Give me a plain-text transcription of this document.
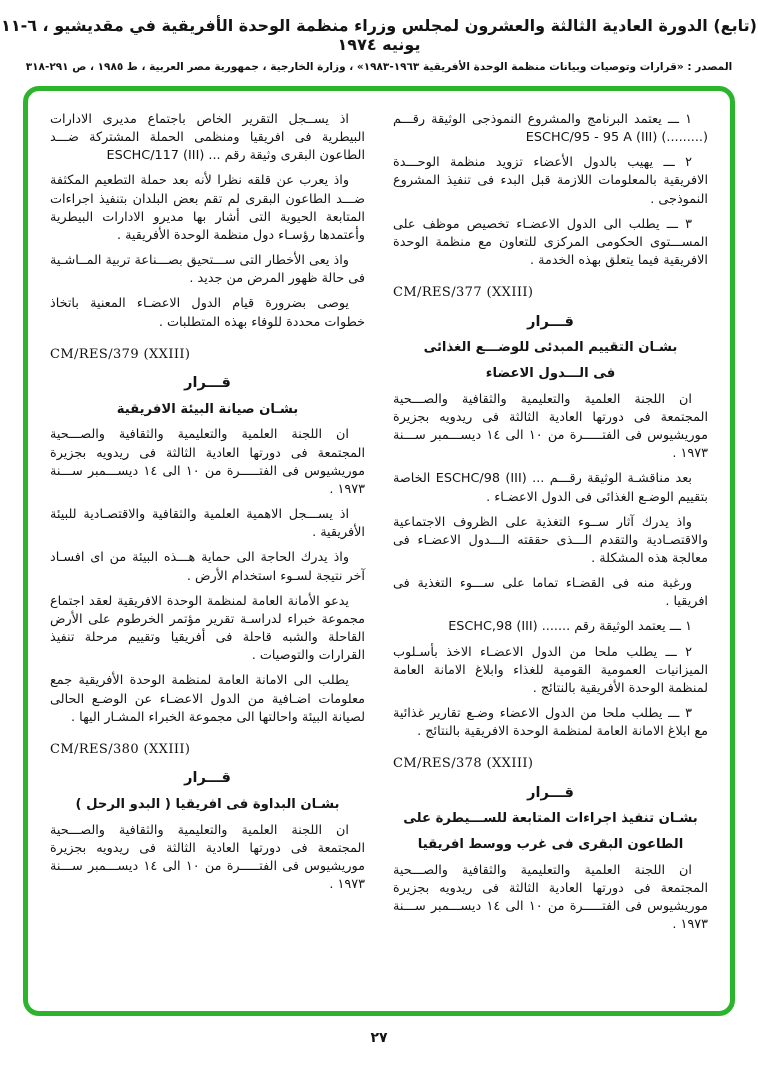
(تابع) الدورة العادية الثالثة والعشرون لمجلس وزراء منظمة الوحدة الأفريقية في مقديشيو ، ٦-١١ يونيه ١٩٧٤
المصدر : «قرارات وتوصيات وبيانات منظمة الوحدة الأفريقية ١٩٦٣-١٩٨٣» ، وزارة الخارجية ، جمهورية مصر العربية ، ط ١٩٨٥ ، ص ٢٩١-٣١٨

١ ـــ يعتمد البرنامج والمشروع النموذجى الوثيقة رقـــم (.........) ESCHC/95 - 95 A (III)

٢ ـــ يهيب بالدول الأعضاء تزويد منظمة الوحـــدة الافريقية بالمعلومات اللازمة قبل البدء فى تنفيذ المشروع النموذجى .

٣ ـــ يطلب الى الدول الاعضـاء تخصيص موظف على المســـتوى الحكومى المركزى للتعاون مع منظمة الوحدة الافريقية فيما يتعلق بهذه الخدمة .

CM/RES/377 (XXIII)

قـــرار

بشـان التقييم المبدئى للوضـــع الغذائى

فى الـــدول الاعضاء

ان اللجنة العلمية والتعليمية والثقافية والصـــحية المجتمعة فى دورتها العادية الثالثة فى ريدويه بجزيرة موريشيوس فى الفتـــــرة من ١٠ الى ١٤ ديســـمبر ســـنة ١٩٧٣ .

بعد مناقشـة الوثيقة رقـــم ... ESCHC/98 (III) الخاصة بتقييم الوضـع الغذائى فى الدول الاعضـاء .

واذ يدرك آثار ســوء التغذية على الظروف الاجتماعية والاقتصـادية والتقدم الـــذى حققته الـــدول الاعضـاء فى معالجة هذه المشكلة .

ورغبة منه فى القضـاء تماما على ســـوء التغذية فى افريقيا .

١ ـــ يعتمد الوثيقة رقم ....... ESCHC,98 (III)

٢ ـــ يطلب ملحا من الدول الاعضـاء الاخذ بأسـلوب الميزانيات العمومية القومية للغذاء وابلاغ الامانة العامة لمنظمة الوحدة الأفريقية بالنتائج .

٣ ـــ يطلب ملحا من الدول الاعضاء وضـع تقارير غذائية مع ابلاغ الامانة العامة لمنظمة الوحدة الافريقية بالنتائج .

CM/RES/378 (XXIII)

قـــرار

بشـان تنفيذ اجراءات المتابعة للســـيطرة على

الطاعون البقرى فى غرب ووسط افريقيا

ان اللجنة العلمية والتعليمية والثقافية والصـــحية المجتمعة فى دورتها العادية الثالثة فى ريدويه بجزيرة موريشيوس فى الفتـــــرة من ١٠ الى ١٤ ديســـمبر ســـنة ١٩٧٣ .

اذ يســجل التقرير الخاص باجتماع مديرى الادارات البيطرية فى افريقيا ومنظمى الحملة المشتركة ضـــد الطاعون البقرى وثيقة رقم ... ESCHC/117 (III)

واذ يعرب عن قلقه نظرا لأنه بعد حملة التطعيم المكثفة ضـــد الطاعون البقرى لم تقم بعض البلدان بتنفيذ اجراءات المتابعة الحيوية التى أشار بها مديرو الادارات البيطرية وأعتمدها رؤسـاء دول منظمة الوحدة الأفريقية .

واذ يعى الأخطار التى ســـتحيق بصـــناعة تربية المــاشـية فى حالة ظهور المرض من جديد .

يوصى بضرورة قيام الدول الاعضـاء المعنية باتخاذ خطوات محددة للوفاء بهذه المتطلبات .

CM/RES/379 (XXIII)

قـــرار

بشـان صيانة البيئة الافريقية

ان اللجنة العلمية والتعليمية والثقافية والصـــحية المجتمعة فى دورتها العادية الثالثة فى ريدويه بجزيرة موريشيوس فى الفتـــــرة من ١٠ الى ١٤ ديســـمبر ســـنة ١٩٧٣ .

اذ يســـجل الاهمية العلمية والثقافية والاقتصـادية للبيئة الأفريقية .

واذ يدرك الحاجة الى حماية هـــذه البيئة من اى افسـاد آخر نتيجة لسـوء استخدام الأرض .

يدعو الأمانة العامة لمنظمة الوحدة الافريقية لعقد اجتماع مجموعة خبراء لدراسـة تقرير مؤتمر الخرطوم على الأرض القاحلة والشبه قاحلة فى أفريقيا وتقييم مرحلة تنفيذ القرارات والتوصيات .

يطلب الى الامانة العامة لمنظمة الوحدة الأفريقية جمع معلومات اضـافية من الدول الاعضـاء عن الوضـع الحالى لصيانة البيئة واحالتها الى مجموعة الخبراء المشـار اليها .

CM/RES/380 (XXIII)

قـــرار

بشـان البداوة فى افريقيا ( البدو الرحل )

ان اللجنة العلمية والتعليمية والثقافية والصـــحية المجتمعة فى دورتها العادية الثالثة فى ريدويه بجزيرة موريشيوس فى الفتـــــرة من ١٠ الى ١٤ ديســـمبر ســـنة ١٩٧٣ .

٢٧
